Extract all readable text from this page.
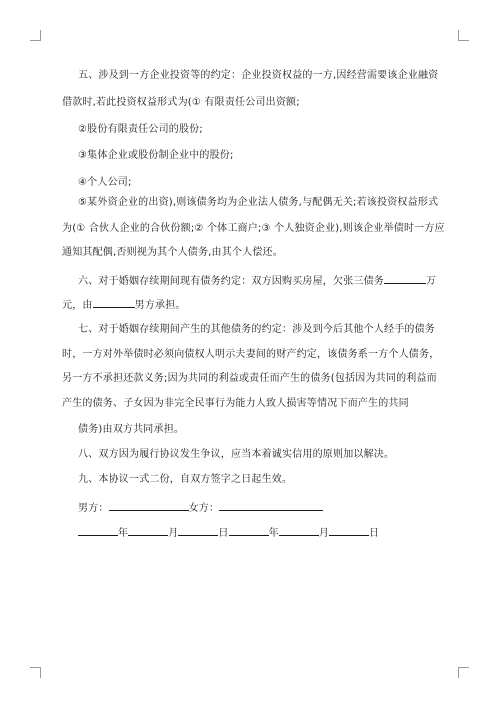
五、涉及到一方企业投资等的约定：企业投资权益的一方,因经营需要该企业融资
借款时,若此投资权益形式为(① 有限责任公司出资额;
②股份有限责任公司的股份;
③集体企业或股份制企业中的股份;
④个人公司;
⑤某外资企业的出资),则该债务均为企业法人债务,与配偶无关;若该投资权益形式
为(① 合伙人企业的合伙份额;② 个体工商户;③ 个人独资企业),则该企业举债时一方应
通知其配偶,否则视为其个人债务,由其个人偿还。
六、对于婚姻存续期间现有债务约定：双方因购买房屋，欠张三债务	万
元，由	男方承担。
七、对于婚姻存续期间产生的其他债务的约定：涉及到今后其他个人经手的债务
时，一方对外举债时必须向债权人明示夫妻间的财产约定，该债务系一方个人债务，
另一方不承担还款义务;因为共同的利益或责任而产生的债务(包括因为共同的利益而
产生的债务、子女因为非完全民事行为能力人致人损害等情况下而产生的共同
债务)由双方共同承担。
八、双方因为履行协议发生争议，应当本着诚实信用的原则加以解决。
九、本协议一式二份，自双方签字之日起生效。
男方：	女方：
年	月	日	年	月	日
